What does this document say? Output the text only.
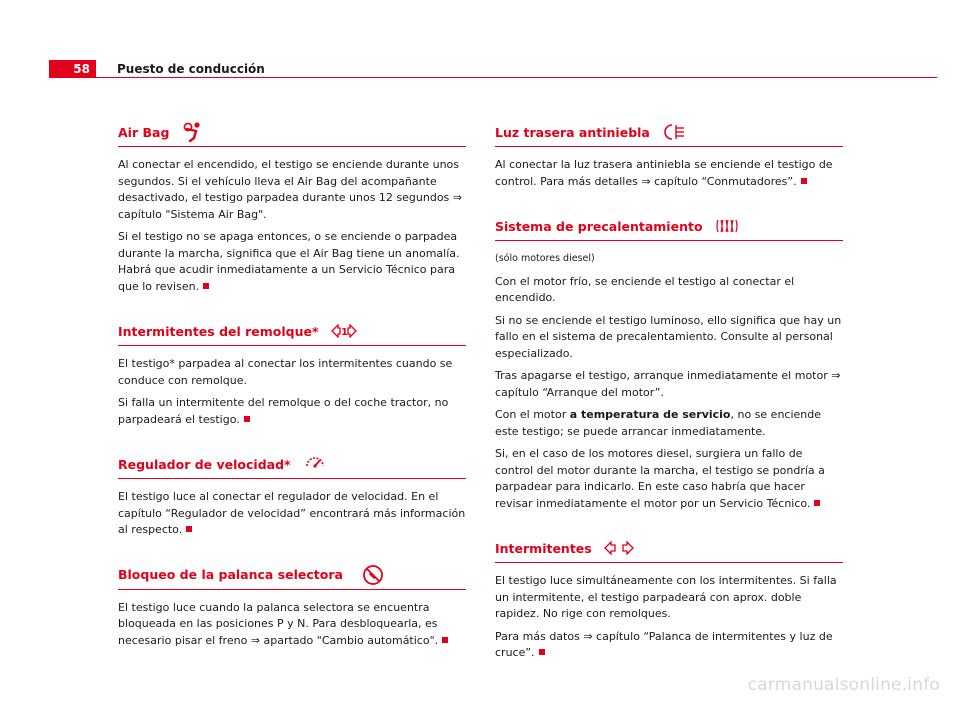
58	Puesto de conducción
Air Bag

Al conectar el encendido, el testigo se enciende durante unos segundos. Si el vehículo lleva el Air Bag del acompañante desactivado, el testigo parpadea durante unos 12 segundos ⇒ capítulo "Sistema Air Bag".

Si el testigo no se apaga entonces, o se enciende o parpadea durante la marcha, significa que el Air Bag tiene un anomalía. Habrá que acudir inmediatamente a un Servicio Técnico para que lo revisen.

Intermitentes del remolque* 1

El testigo* parpadea al conectar los intermitentes cuando se conduce con remolque.

Si falla un intermitente del remolque o del coche tractor, no parpadeará el testigo.

Regulador de velocidad*

El testigo luce al conectar el regulador de velocidad. En el capítulo “Regulador de velocidad” encontrará más información al respecto.

Bloqueo de la palanca selectora

El testigo luce cuando la palanca selectora se encuentra bloqueada en las posiciones P y N. Para desbloquearla, es necesario pisar el freno ⇒ apartado "Cambio automático".

Luz trasera antiniebla

Al conectar la luz trasera antiniebla se enciende el testigo de control. Para más detalles ⇒ capítulo “Conmutadores”.

Sistema de precalentamiento

(sólo motores diesel)

Con el motor frío, se enciende el testigo al conectar el encendido.

Si no se enciende el testigo luminoso, ello significa que hay un fallo en el sistema de precalentamiento. Consulte al personal especializado.

Tras apagarse el testigo, arranque inmediatamente el motor ⇒ capítulo “Arranque del motor”.

Con el motor a temperatura de servicio, no se enciende este testigo; se puede arrancar inmediatamente.

Si, en el caso de los motores diesel, surgiera un fallo de control del motor durante la marcha, el testigo se pondría a parpadear para indicarlo. En este caso habría que hacer revisar inmediatamente el motor por un Servicio Técnico.

Intermitentes

El testigo luce simultáneamente con los intermitentes. Si falla un intermitente, el testigo parpadeará con aprox. doble rapidez. No rige con remolques.

Para más datos ⇒ capítulo “Palanca de intermitentes y luz de cruce”.

carmanualsonline.info
